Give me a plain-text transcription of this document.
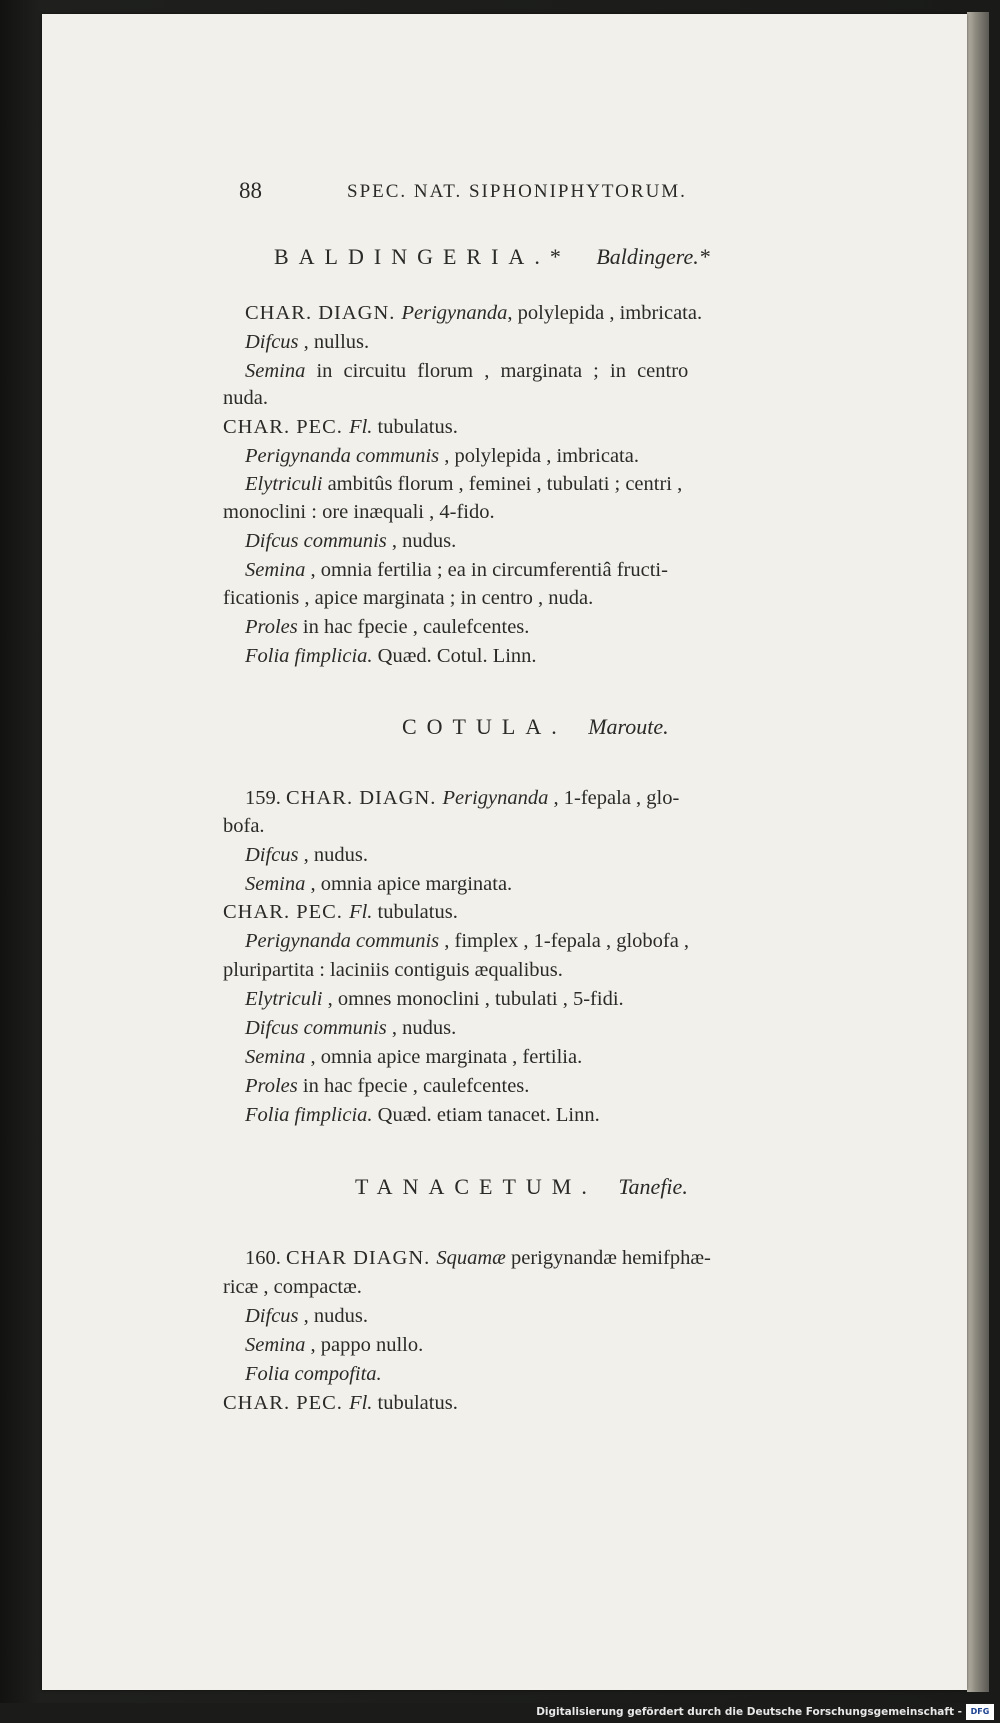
88	SPEC. NAT. SIPHONIPHYTORUM.
BALDINGERIA.* Baldingere.*
CHAR. DIAGN. Perigynanda, polylepida , imbricata.
Difcus , nullus.
Semina in circuitu florum , marginata ; in centro
nuda.
CHAR. PEC. Fl. tubulatus.
Perigynanda communis , polylepida , imbricata.
Elytriculi ambitûs florum , feminei , tubulati ; centri ,
monoclini : ore inæquali , 4-fido.
Difcus communis , nudus.
Semina , omnia fertilia ; ea in circumferentiâ fructi-
ficationis , apice marginata ; in centro , nuda.
Proles in hac fpecie , caulefcentes.
Folia fimplicia. Quæd. Cotul. Linn.
COTULA. Maroute.
159. CHAR. DIAGN. Perigynanda , 1-fepala , glo-
bofa.
Difcus , nudus.
Semina , omnia apice marginata.
CHAR. PEC. Fl. tubulatus.
Perigynanda communis , fimplex , 1-fepala , globofa ,
pluripartita : laciniis contiguis æqualibus.
Elytriculi , omnes monoclini , tubulati , 5-fidi.
Difcus communis , nudus.
Semina , omnia apice marginata , fertilia.
Proles in hac fpecie , caulefcentes.
Folia fimplicia. Quæd. etiam tanacet. Linn.
TANACETUM. Tanefie.
160. CHAR DIAGN. Squamæ perigynandæ hemifphæ-
ricæ , compactæ.
Difcus , nudus.
Semina , pappo nullo.
Folia compofita.
CHAR. PEC. Fl. tubulatus.
Digitalisierung gefördert durch die Deutsche Forschungsgemeinschaft -	DFG
